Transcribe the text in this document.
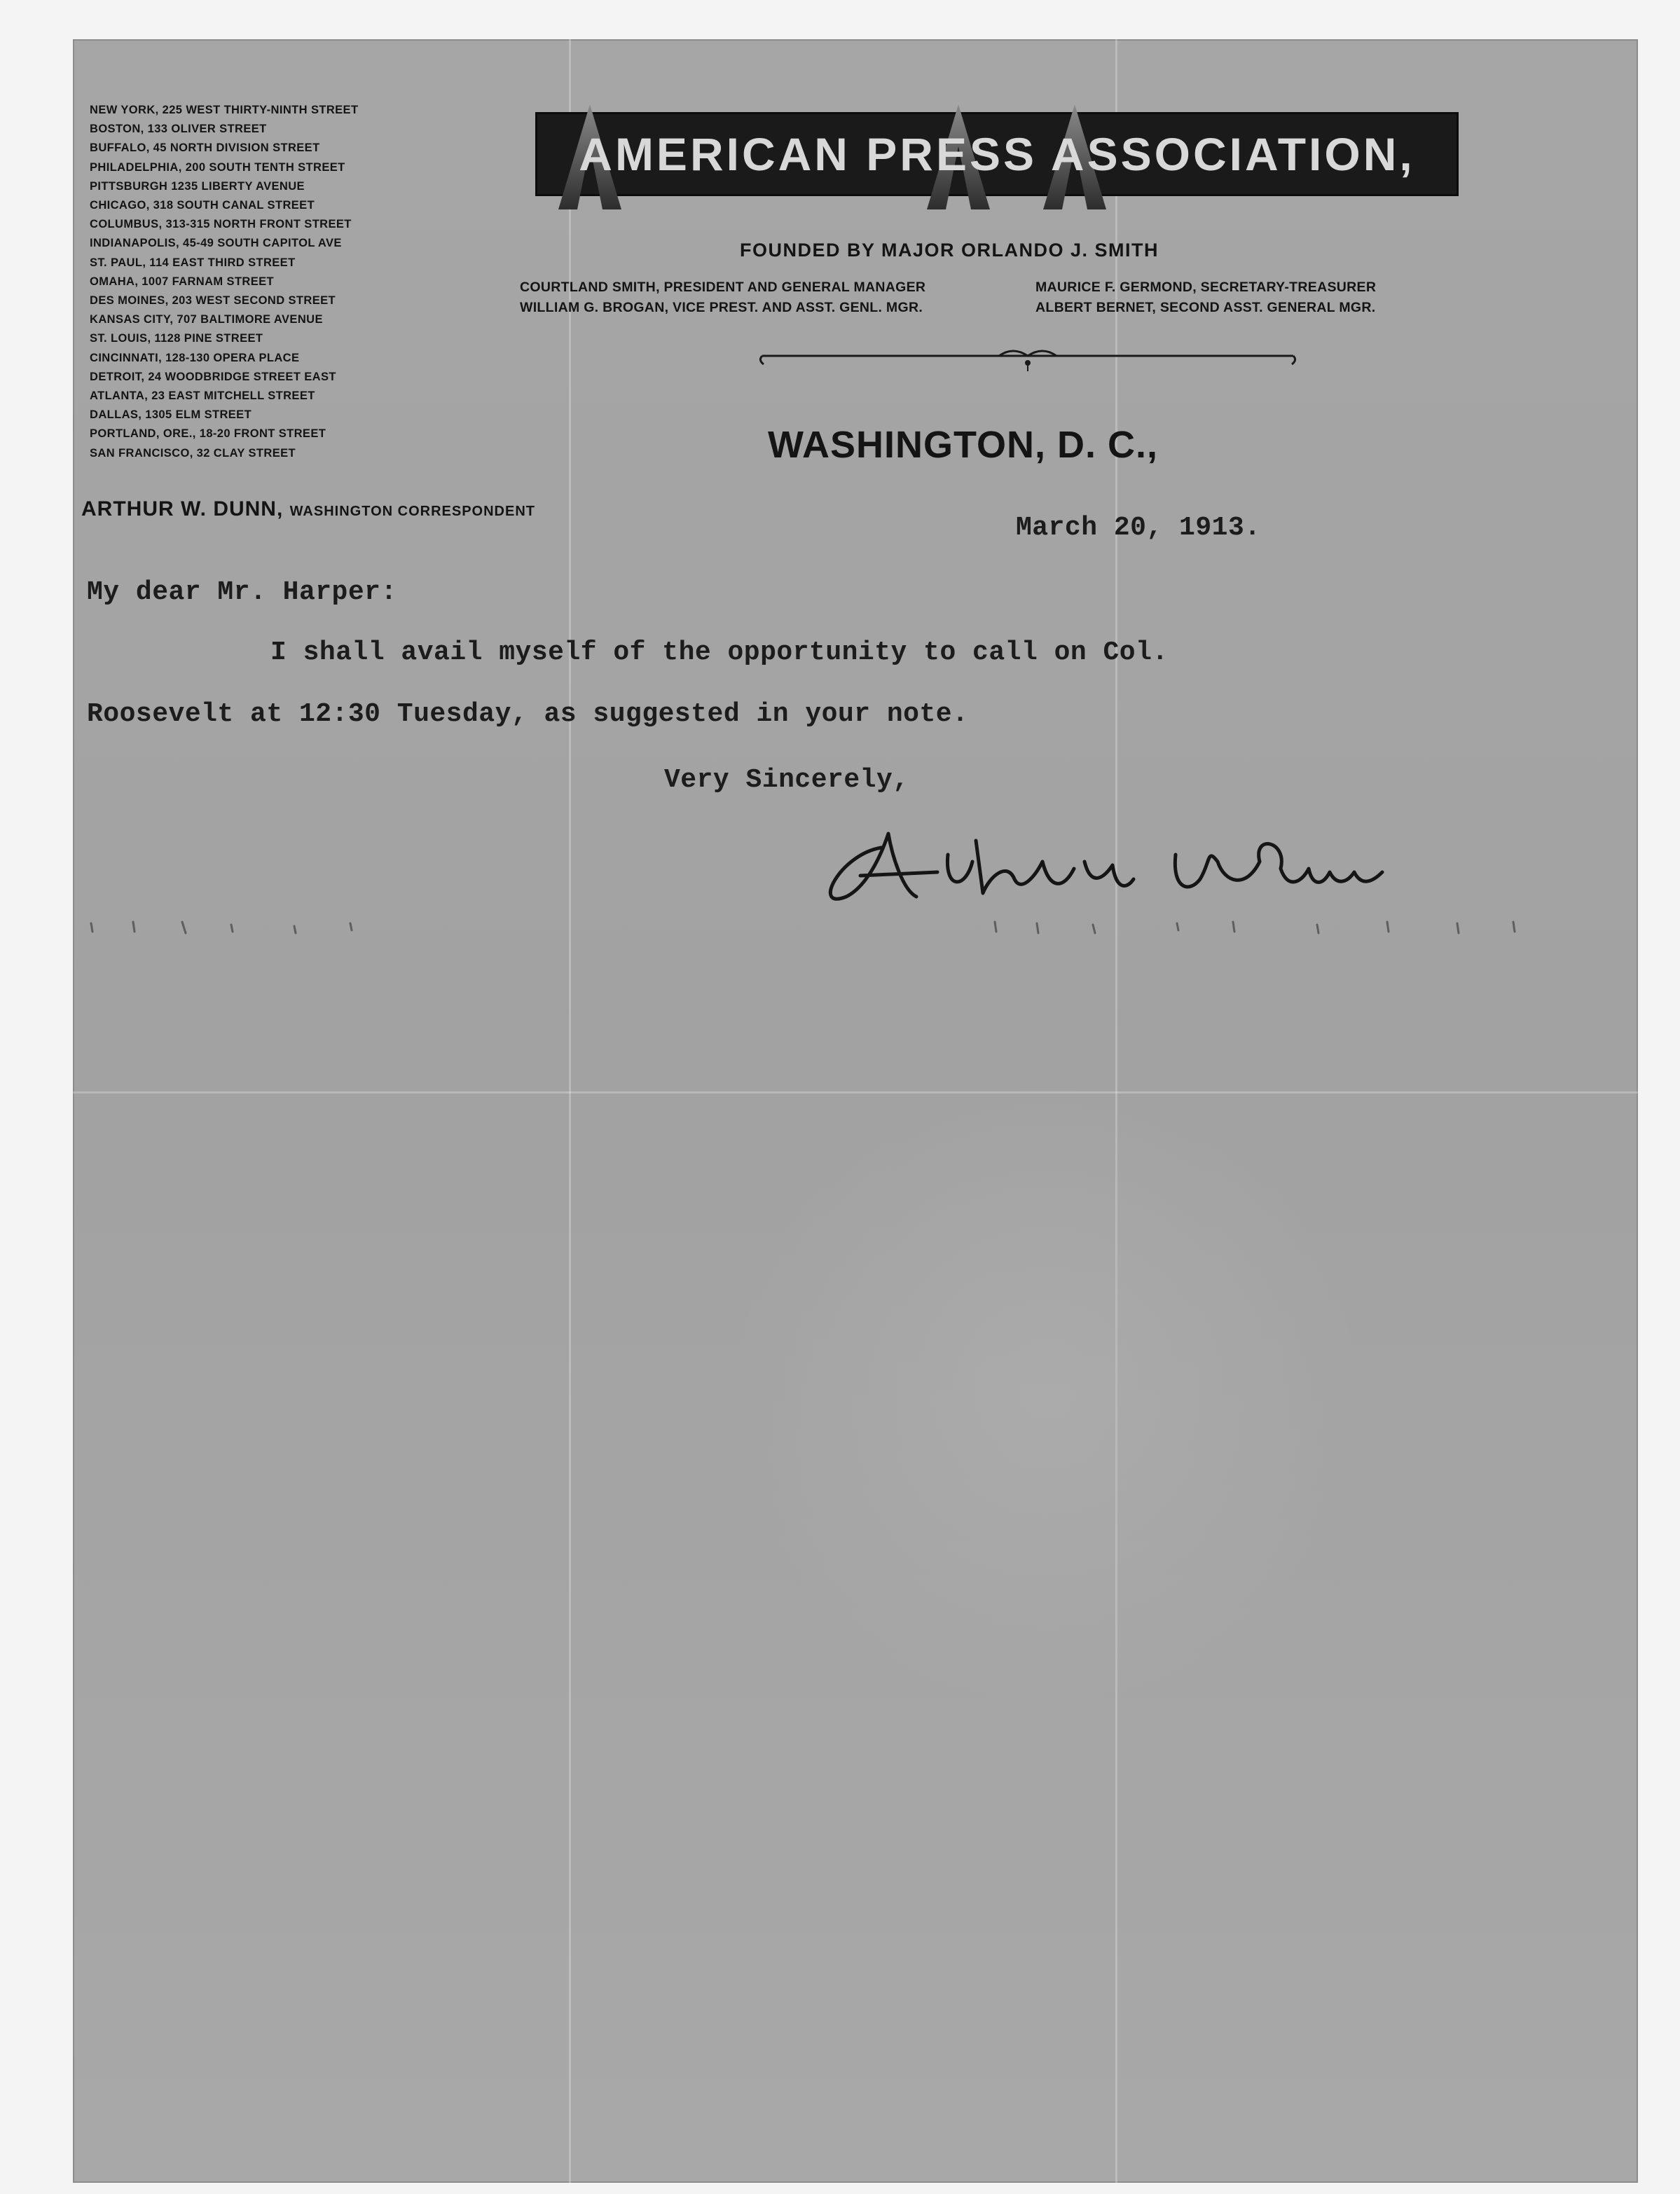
NEW YORK, 225 WEST THIRTY-NINTH STREET
BOSTON, 133 OLIVER STREET
BUFFALO, 45 NORTH DIVISION STREET
PHILADELPHIA, 200 SOUTH TENTH STREET
PITTSBURGH 1235 LIBERTY AVENUE
CHICAGO, 318 SOUTH CANAL STREET
COLUMBUS, 313-315 NORTH FRONT STREET
INDIANAPOLIS, 45-49 SOUTH CAPITOL AVE
ST. PAUL, 114 EAST THIRD STREET
OMAHA, 1007 FARNAM STREET
DES MOINES, 203 WEST SECOND STREET
KANSAS CITY, 707 BALTIMORE AVENUE
ST. LOUIS, 1128 PINE STREET
CINCINNATI, 128-130 OPERA PLACE
DETROIT, 24 WOODBRIDGE STREET EAST
ATLANTA, 23 EAST MITCHELL STREET
DALLAS, 1305 ELM STREET
PORTLAND, ORE., 18-20 FRONT STREET
SAN FRANCISCO, 32 CLAY STREET
AMERICAN PRESS ASSOCIATION,
FOUNDED BY MAJOR ORLANDO J. SMITH
COURTLAND SMITH, PRESIDENT AND GENERAL MANAGER
WILLIAM G. BROGAN, VICE PREST. AND ASST. GENL. MGR.
MAURICE F. GERMOND, SECRETARY-TREASURER
ALBERT BERNET, SECOND ASST. GENERAL MGR.
WASHINGTON, D. C.,
ARTHUR W. DUNN, WASHINGTON CORRESPONDENT
March 20, 1913.
My dear Mr. Harper:
I shall avail myself of the opportunity to call on Col.
Roosevelt at 12:30 Tuesday, as suggested in your note.
Very Sincerely,
